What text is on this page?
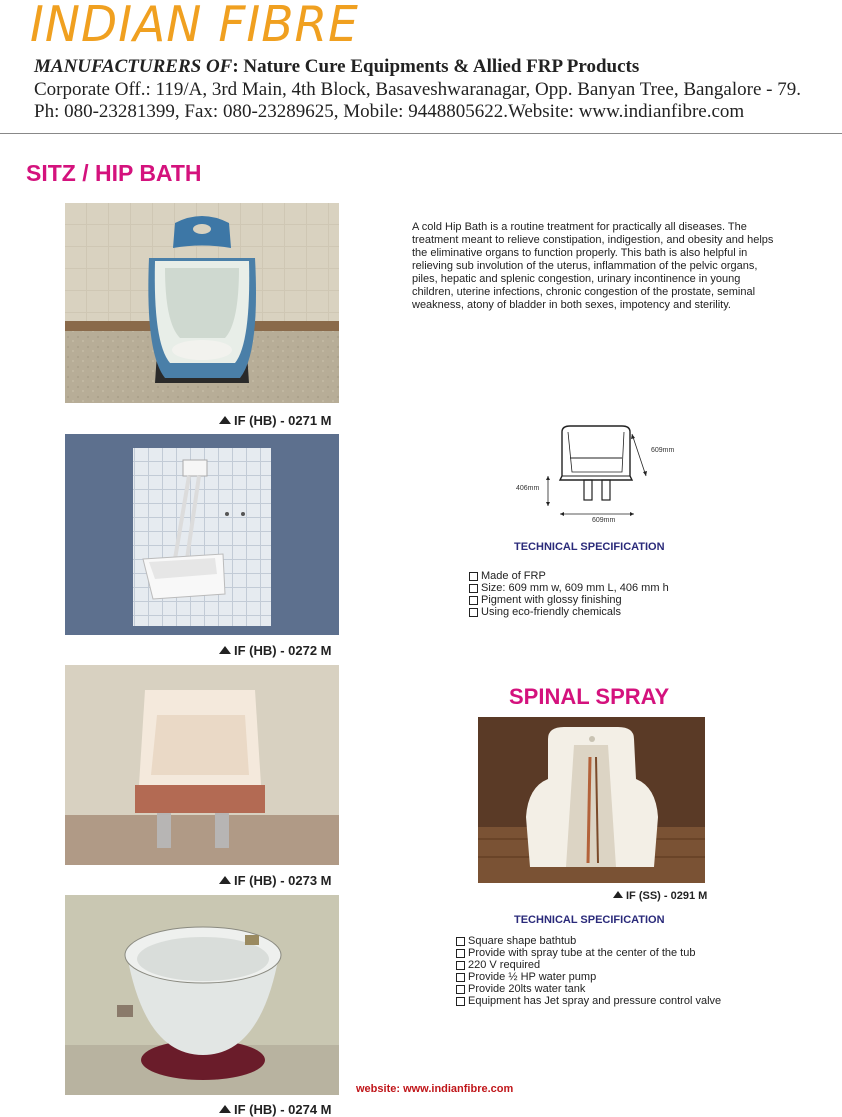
INDIAN FIBRE
MANUFACTURERS OF: Nature Cure Equipments & Allied FRP Products
Corporate Off.: 119/A, 3rd Main, 4th Block, Basaveshwaranagar, Opp. Banyan Tree, Bangalore - 79.
Ph: 080-23281399, Fax: 080-23289625, Mobile: 9448805622.Website: www.indianfibre.com
SITZ / HIP BATH
IF (HB) - 0271 M
IF (HB) - 0272 M
IF (HB) - 0273 M
IF (HB) - 0274 M
A cold Hip Bath is a routine treatment for practically all diseases. The treatment meant to relieve constipation, indigestion, and obesity and helps the eliminative organs to function properly. This bath is also helpful in relieving sub involution of the uterus, inflammation of the pelvic organs, piles, hepatic and splenic congestion, urinary incontinence in young children, uterine infections, chronic congestion of the prostate, seminal weakness, atony of bladder in both sexes, impotency and sterility.
609mm
406mm
609mm
TECHNICAL SPECIFICATION
Made of FRP
Size: 609 mm w, 609 mm L, 406 mm h
Pigment with glossy finishing
Using eco-friendly chemicals
SPINAL SPRAY
IF (SS) - 0291 M
TECHNICAL SPECIFICATION
Square shape bathtub
Provide with spray tube at the center of the tub
220 V required
Provide ½ HP water pump
Provide 20lts water tank
Equipment has Jet spray and pressure control valve
website: www.indianfibre.com
